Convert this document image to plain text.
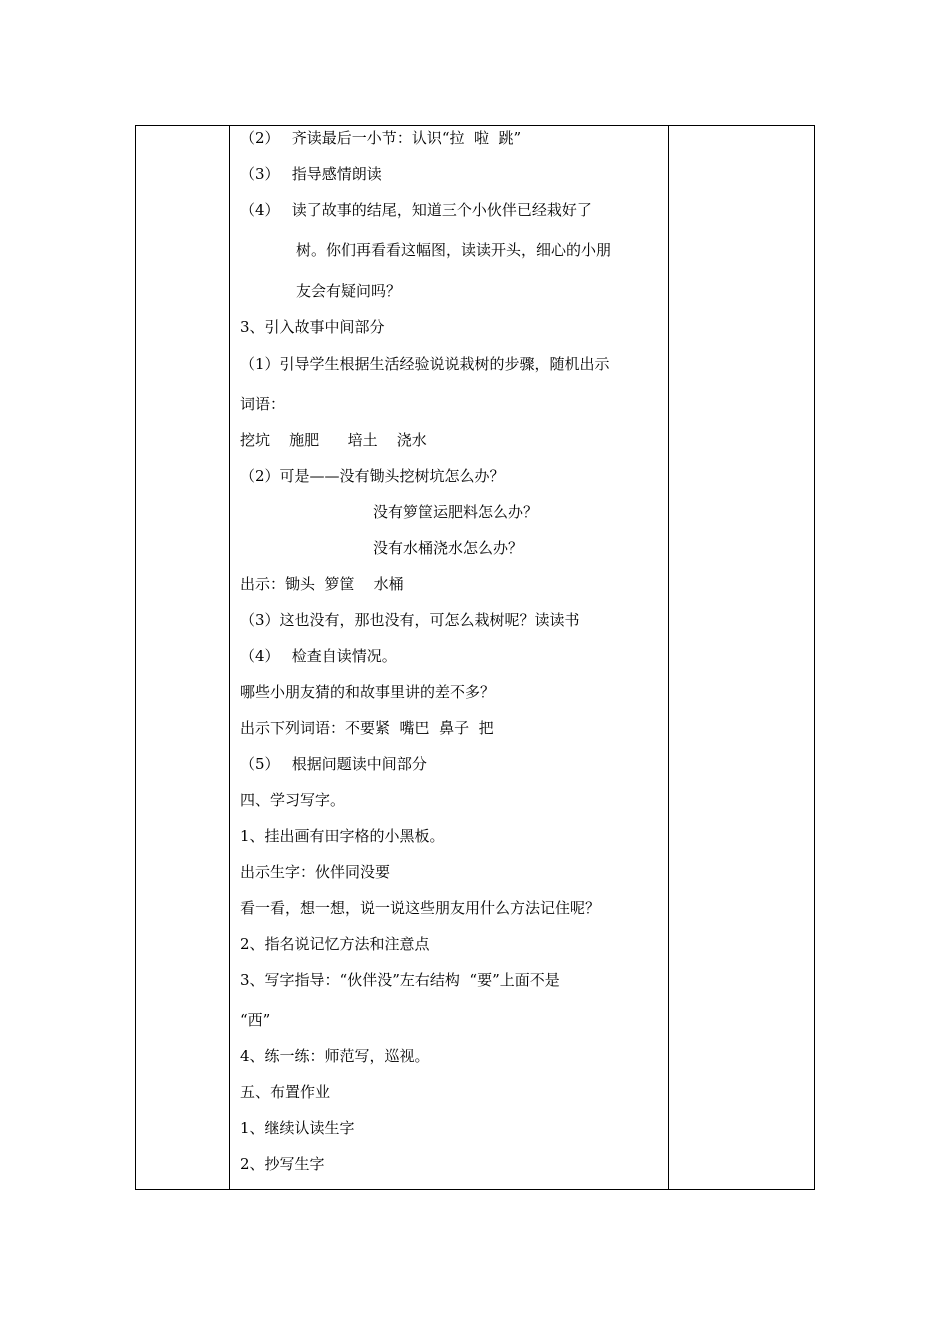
（2）　 齐读最后一小节：认识“拉  啦  跳”
（3）　 指导感情朗读
（4）　 读了故事的结尾，知道三个小伙伴已经栽好了
树。你们再看看这幅图，读读开头，细心的小朋
友会有疑问吗？
3、引入故事中间部分
（1）引导学生根据生活经验说说栽树的步骤，随机出示
词语：
挖坑    施肥      培土    浇水
（2）可是——没有锄头挖树坑怎么办？
没有箩筐运肥料怎么办？
没有水桶浇水怎么办？
出示：锄头  箩筐    水桶
（3）这也没有，那也没有，可怎么栽树呢？读读书
（4）　 检查自读情况。
哪些小朋友猜的和故事里讲的差不多？
出示下列词语：不要紧  嘴巴  鼻子  把
（5）　 根据问题读中间部分
四、学习写字。
1、挂出画有田字格的小黑板。
出示生字：伙伴同没要
看一看，想一想，说一说这些朋友用什么方法记住呢？
2、指名说记忆方法和注意点
3、写字指导：“伙伴没”左右结构  “要”上面不是
“西”
4、练一练：师范写，巡视。
五、布置作业
1、继续认读生字
2、抄写生字
